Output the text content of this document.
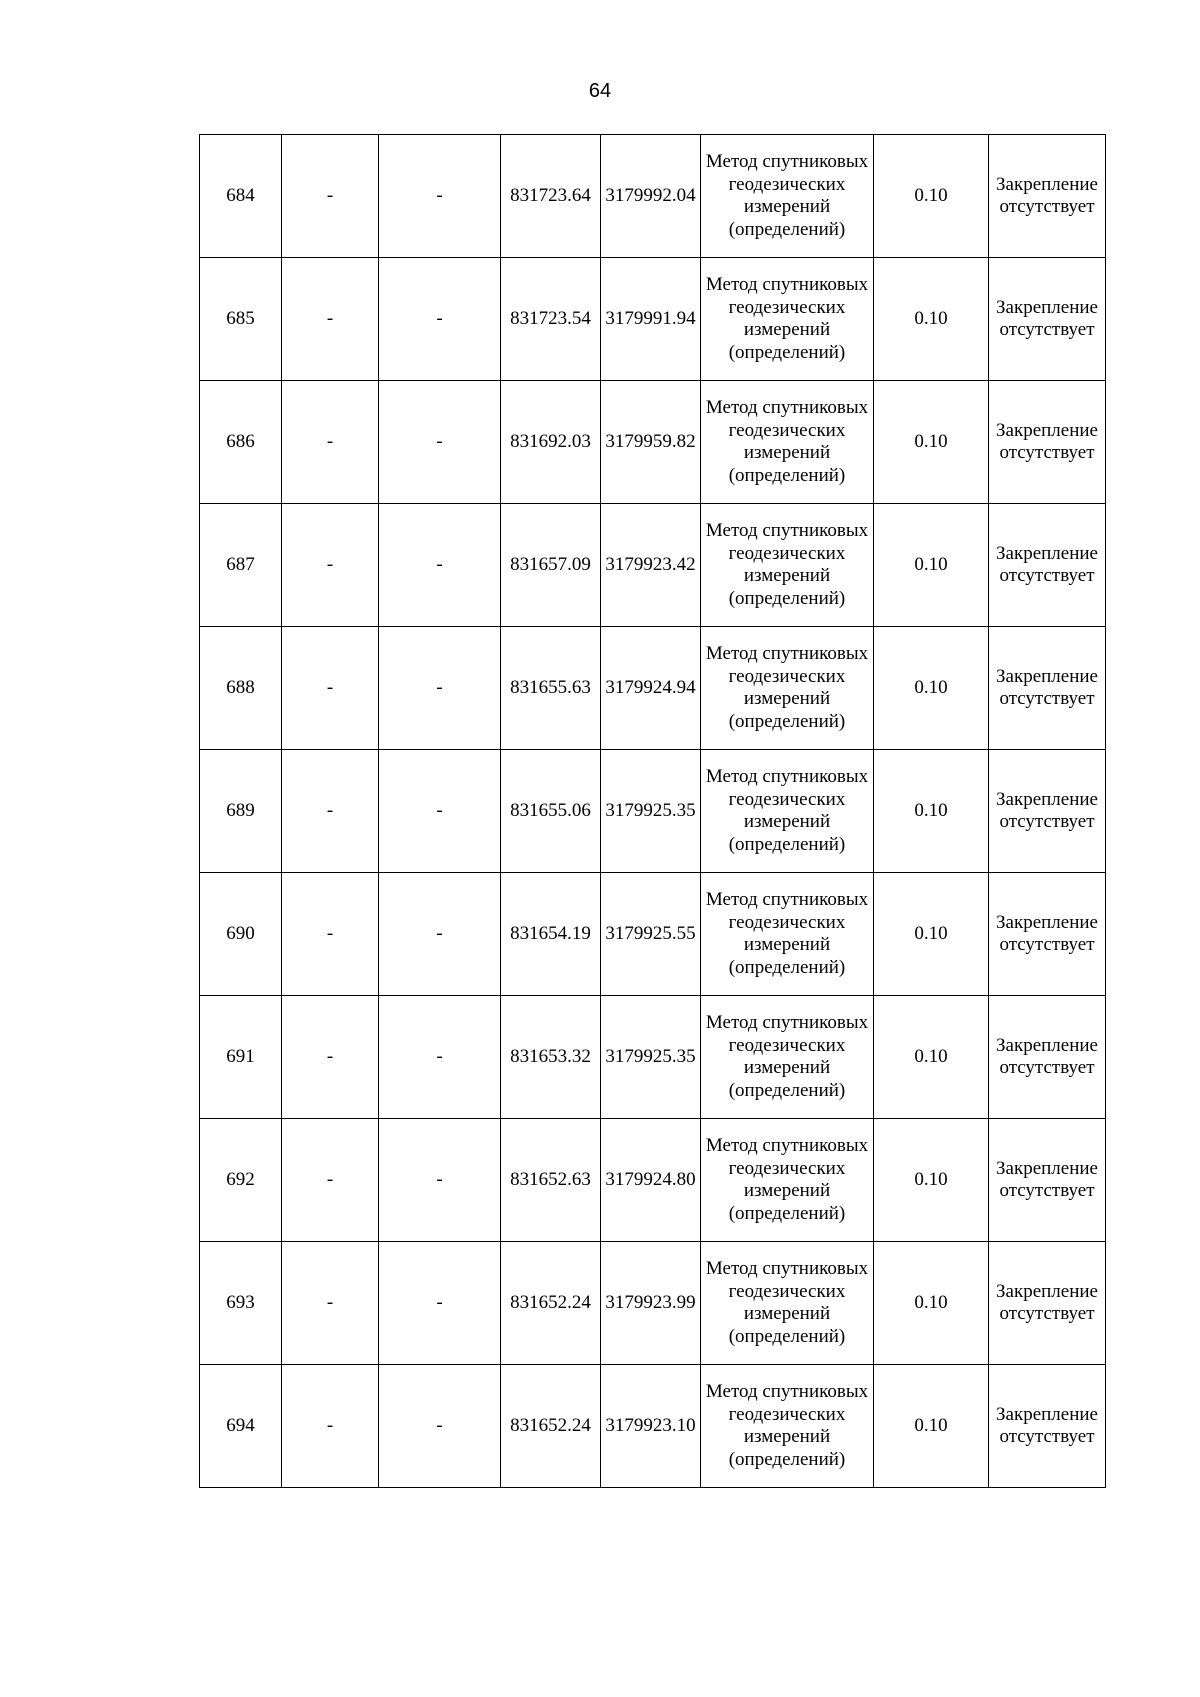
64
684	-	-	831723.64	3179992.04	Метод спутниковых геодезических измерений (определений)	0.10	Закрепление отсутствует
685	-	-	831723.54	3179991.94	Метод спутниковых геодезических измерений (определений)	0.10	Закрепление отсутствует
686	-	-	831692.03	3179959.82	Метод спутниковых геодезических измерений (определений)	0.10	Закрепление отсутствует
687	-	-	831657.09	3179923.42	Метод спутниковых геодезических измерений (определений)	0.10	Закрепление отсутствует
688	-	-	831655.63	3179924.94	Метод спутниковых геодезических измерений (определений)	0.10	Закрепление отсутствует
689	-	-	831655.06	3179925.35	Метод спутниковых геодезических измерений (определений)	0.10	Закрепление отсутствует
690	-	-	831654.19	3179925.55	Метод спутниковых геодезических измерений (определений)	0.10	Закрепление отсутствует
691	-	-	831653.32	3179925.35	Метод спутниковых геодезических измерений (определений)	0.10	Закрепление отсутствует
692	-	-	831652.63	3179924.80	Метод спутниковых геодезических измерений (определений)	0.10	Закрепление отсутствует
693	-	-	831652.24	3179923.99	Метод спутниковых геодезических измерений (определений)	0.10	Закрепление отсутствует
694	-	-	831652.24	3179923.10	Метод спутниковых геодезических измерений (определений)	0.10	Закрепление отсутствует
